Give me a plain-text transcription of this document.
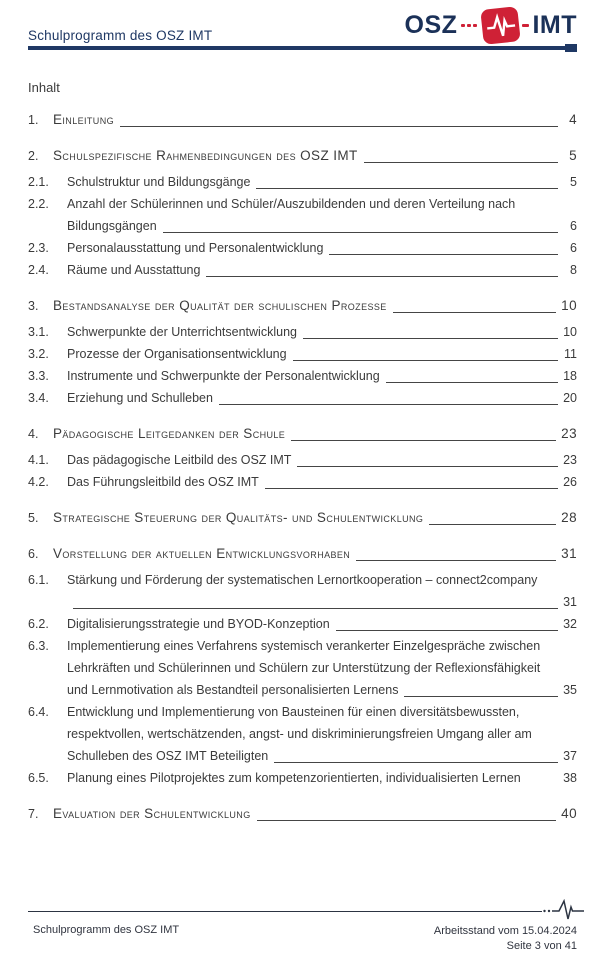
Schulprogramm des OSZ IMT	OSZ	IMT
Inhalt
1.	Einleitung	4
2.	Schulspezifische Rahmenbedingungen des OSZ IMT	5
2.1.	Schulstruktur und Bildungsgänge	5
2.2.	Anzahl der Schülerinnen und Schüler/Auszubildenden und deren Verteilung nach
Bildungsgängen	6
2.3.	Personalausstattung und Personalentwicklung	6
2.4.	Räume und Ausstattung	8
3.	Bestandsanalyse der Qualität der schulischen Prozesse	10
3.1.	Schwerpunkte der Unterrichtsentwicklung	10
3.2.	Prozesse der Organisationsentwicklung	11
3.3.	Instrumente und Schwerpunkte der Personalentwicklung	18
3.4.	Erziehung und Schulleben	20
4.	Pädagogische Leitgedanken der Schule	23
4.1.	Das pädagogische Leitbild des OSZ IMT	23
4.2.	Das Führungsleitbild des OSZ IMT	26
5.	Strategische Steuerung der Qualitäts- und Schulentwicklung	28
6.	Vorstellung der aktuellen Entwicklungsvorhaben	31
6.1.	Stärkung und Förderung der systematischen Lernortkooperation – connect2company
31
6.2.	Digitalisierungsstrategie und BYOD-Konzeption	32
6.3.	Implementierung eines Verfahrens systemisch verankerter Einzelgespräche zwischen
Lehrkräften und Schülerinnen und Schülern zur Unterstützung der Reflexionsfähigkeit
und Lernmotivation als Bestandteil personalisierten Lernens	35
6.4.	Entwicklung und Implementierung von Bausteinen für einen diversitätsbewussten,
respektvollen, wertschätzenden, angst- und diskriminierungsfreien Umgang aller am
Schulleben des OSZ IMT Beteiligten	37
6.5.	Planung eines Pilotprojektes zum kompetenzorientierten, individualisierten Lernen	38
7.	Evaluation der Schulentwicklung	40
Schulprogramm des OSZ IMT	Arbeitsstand vom 15.04.2024
Seite 3 von 41
